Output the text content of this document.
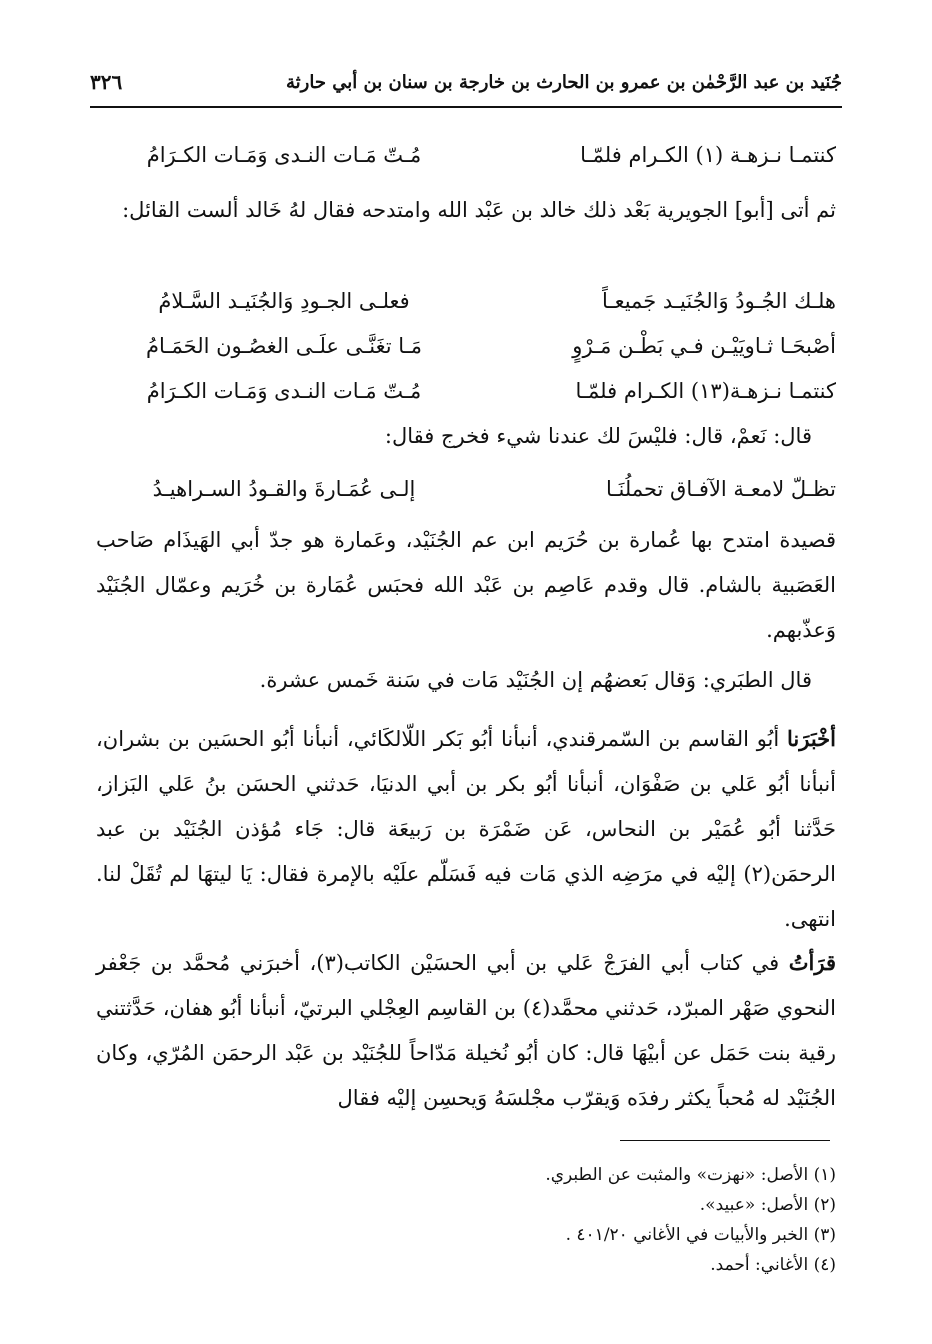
٣٢٦	جُنَيد بن عبد الرَّحْمٰن بن عمرو بن الحارث بن خارجة بن سنان بن أبي حارثة
كنتمـا نـزهـة (١) الكـرام فلمّـا
مُـتّ مَـات النـدى وَمَـات الكـرَامُ
ثم أتى [أبو] الجويرية بَعْد ذلك خالد بن عَبْد الله وامتدحه فقال لهُ خَالد ألست القائل:
هلـك الجُـودُ وَالجُنَيـد جَميعـاً
فعلـى الجـودِ وَالجُنَيـد السَّـلامُ
أصْبحَـا ثـاويَيْـن فـي بَطْـن مَـرْوٍ
مَـا تغَنَّـى علَـى الغصُـون الحَمَـامُ
كنتمـا نـزهـة(١٣) الكـرام فلمّـا
مُـتّ مَـات النـدى وَمَـات الكـرَامُ
قال: نَعمْ، قال: فليْسَ لك عندنا شيء فخرج فقال:
تظـلّ لامعـة الآفـاق تحملُنَـا
إلـى عُمَـارةَ والقـودُ السـراهيـدُ
قصيدة امتدح بها عُمارة بن حُرَيم ابن عم الجُنَيْد، وعَمارة هو جدّ أبي الهَيذَام صَاحب العَصَبية بالشام. قال وقدم عَاصِم بن عَبْد الله فحبَس عُمَارة بن خُرَيم وعمّال الجُنَيْد وَعذّبهم.
قال الطبَري: وَقال بَعضهُم إن الجُنَيْد مَات في سَنة خَمس عشرة.
أخْبَرَنا أبُو القاسم بن السّمرقندي، أنبأنا أبُو بَكر اللّالكَائي، أنبأنا أبُو الحسَين بن بشران، أنبأنا أبُو عَلي بن صَفْوَان، أنبأنا أبُو بكر بن أبي الدنيَا، حَدثني الحسَن بنُ عَلي البَزاز، حَدَّثنا أبُو عُمَيْر بن النحاس، عَن ضَمْرَة بن رَبيعَة قال: جَاء مُؤذن الجُنَيْد بن عبد الرحمَن(٢) إليْه في مرَضِه الذي مَات فيه فَسَلّم علَيْه بالإمرة فقال: يَا ليتهَا لم تُقَلْ لنا. انتهى.
قرَأتُ في كتاب أبي الفرَجْ عَلي بن أبي الحسَيْن الكاتب(٣)، أخبرَني مُحمَّد بن جَعْفر النحوي صَهْر المبرّد، حَدثني محمَّد(٤) بن القاسِم العِجْلي البرتيّ، أنبأنا أبُو هفان، حَدَّثتني رقية بنت حَمَل عن أبيْهَا قال: كان أبُو نُخيلة مَدّاحاً للجُنَيْد بن عَبْد الرحمَن المُرّي، وكان الجُنَيْد له مُحباً يكثر رفدَه وَيقرّب مجْلسَهُ وَيحسِن إليْه فقال
(١) الأصل: «نهزت» والمثبت عن الطبري.
(٢) الأصل: «عبيد».
(٣) الخبر والأبيات في الأغاني ٤٠١/٢٠ .
(٤) الأغاني: أحمد.
